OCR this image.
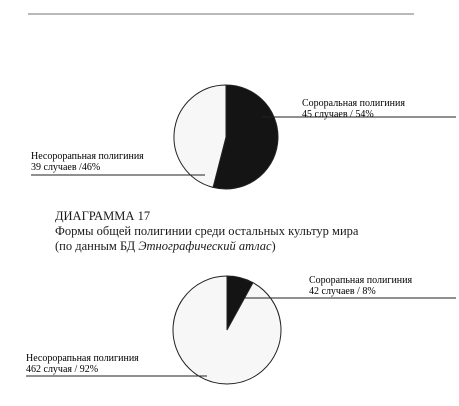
Сороральная полигиния
45 случаев / 54%
Несорорапьная полигиния
39 случаев /46%
Сорорапьная полигиния
42 случаев / 8%
Несорорапьная полигиния
462 случая / 92%
ДИАГРАММА 17
Формы общей полигинии среди остальных культур мира
(по данным БД Этнографический атлас)
